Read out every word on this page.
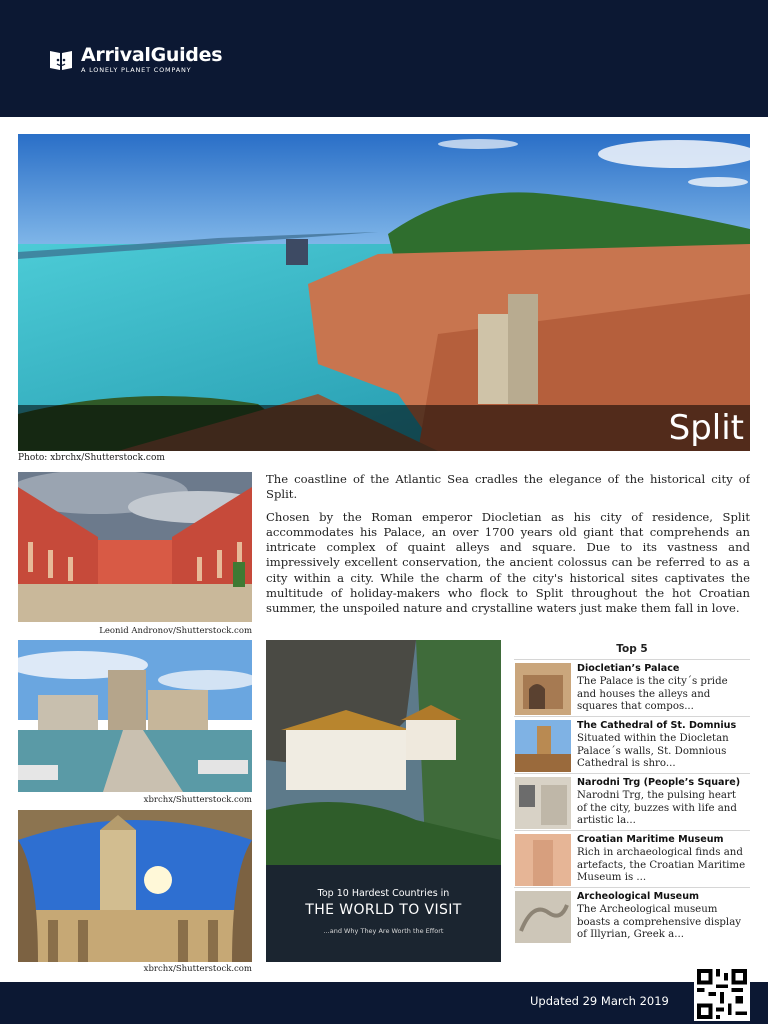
ArrivalGuides
A LONELY PLANET COMPANY
Split
Photo: xbrchx/Shutterstock.com
Leonid Andronov/Shutterstock.com
xbrchx/Shutterstock.com
xbrchx/Shutterstock.com

The coastline of the Atlantic Sea cradles the elegance of the historical city of Split.

Chosen by the Roman emperor Diocletian as his city of residence, Split accommodates his Palace, an over 1700 years old giant that comprehends an intricate complex of quaint alleys and square. Due to its vastness and impressively excellent conservation, the ancient colossus can be referred to as a city within a city. While the charm of the city's historical sites captivates the multitude of holiday-makers who flock to Split throughout the hot Croatian summer, the unspoiled nature and crystalline waters just make them fall in love.

Top 10 Hardest Countries in
THE WORLD TO VISIT
...and Why They Are Worth the Effort
Top 5
Diocletian’s Palace
The Palace is the city´s pride and houses the alleys and squares that compos...
The Cathedral of St. Domnius
Situated within the Diocletan Palace´s walls, St. Domnious Cathedral is shro...
Narodni Trg (People’s Square)
Narodni Trg, the pulsing heart of the city, buzzes with life and artistic la...
Croatian Maritime Museum
Rich in archaeological finds and artefacts, the Croatian Maritime Museum is ...
Archeological Museum
The Archeological museum boasts a comprehensive display of Illyrian, Greek a...
Updated 29 March 2019
